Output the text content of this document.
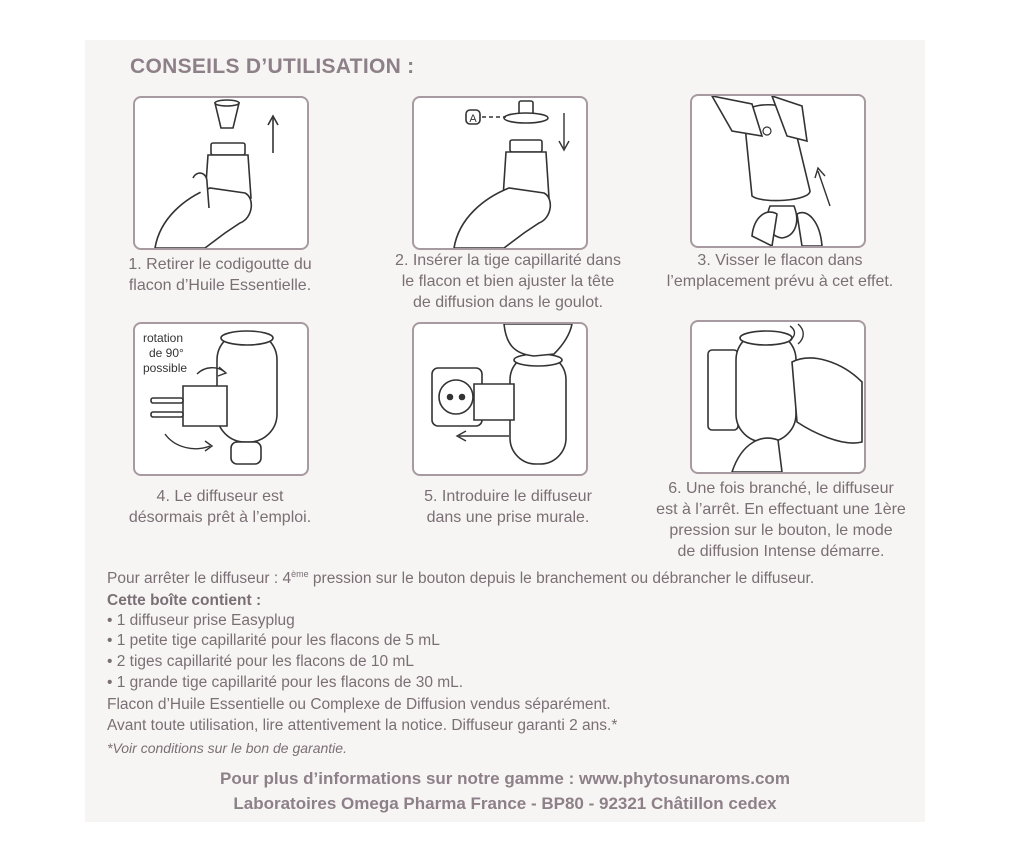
CONSEILS D’UTILISATION :
1. Retirer le codigoutte du
flacon d’Huile Essentielle.
A
2. Insérer la tige capillarité dans
le flacon et bien ajuster la tête
de diffusion dans le goulot.
3. Visser le flacon dans
l’emplacement prévu à cet effet.
rotation
de 90°
possible
4. Le diffuseur est
désormais prêt à l’emploi.
5. Introduire le diffuseur
dans une prise murale.
6. Une fois branché, le diffuseur
est à l’arrêt. En effectuant une 1ère
pression sur le bouton, le mode
de diffusion Intense démarre.
Pour arrêter le diffuseur : 4ème pression sur le bouton depuis le branchement ou débrancher le diffuseur.
Cette boîte contient :
• 1 diffuseur prise Easyplug
• 1 petite tige capillarité pour les flacons de 5 mL
• 2 tiges capillarité pour les flacons de 10 mL
• 1 grande tige capillarité pour les flacons de 30 mL.
Flacon d’Huile Essentielle ou Complexe de Diffusion vendus séparément.
Avant toute utilisation, lire attentivement la notice. Diffuseur garanti 2 ans.*
*Voir conditions sur le bon de garantie.
Pour plus d’informations sur notre gamme : www.phytosunaroms.com
Laboratoires Omega Pharma France - BP80 - 92321 Châtillon cedex
